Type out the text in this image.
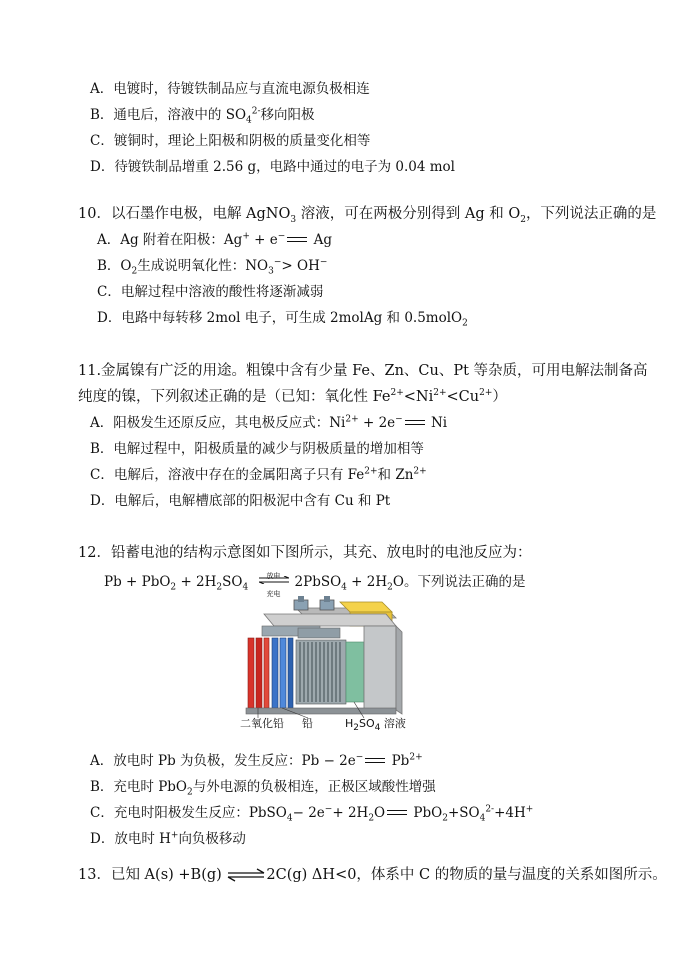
A．电镀时，待镀铁制品应与直流电源负极相连
B．通电后，溶液中的 $SO_4^{2-}$移向阳极
C．镀铜时，理论上阳极和阴极的质量变化相等
D．待镀铁制品增重 2.56 g，电路中通过的电子为 0.04 mol
10．以石墨作电极，电解 AgNO$_3$ 溶液，可在两极分别得到 Ag 和 $O_2$，下列说法正确的是
A．Ag 附着在阳极：Ag+ + e− Ag
B．$O_2$生成说明氧化性：$NO_3^-> OH^-$
C．电解过程中溶液的酸性将逐渐减弱
D．电路中每转移 2mol 电子，可生成 2molAg 和 0.5molO$_2$
11.金属镍有广泛的用途。粗镍中含有少量 Fe、Zn、Cu、Pt 等杂质，可用电解法制备高
纯度的镍，下列叙述正确的是（已知：氧化性 $Fe^{2+}<Ni^{2+}<Cu^{2+}$）
A．阳极发生还原反应，其电极反应式：$Ni^{2+} + 2e^-$ Ni
B．电解过程中，阳极质量的减少与阴极质量的增加相等
C．电解后，溶液中存在的金属阳离子只有 $Fe^{2+}$和 $Zn^{2+}$
D．电解后，电解槽底部的阳极泥中含有 Cu 和 Pt
12．铅蓄电池的结构示意图如下图所示，其充、放电时的电池反应为：
$Pb + PbO_2 + 2H_2SO_4$
放电
充电
2PbSO$_4$ + $2H_2O$。下列说法正确的是
二氧化铅 铅	$H_2SO_4$ 溶液
A．放电时 Pb 为负极，发生反应：Pb − 2e− $Pb^{2+}$
B．充电时 PbO$_2$与外电源的负极相连，正极区域酸性增强
C．充电时阳极发生反应：PbSO$_4$− $2e^-+ 2H_2O$ $PbO_2+SO_4^{2-}+4H^+$
D．放电时 H+向负极移动
13．已知 A(s) +B(g) ⇌2C(g) ΔH<0，体系中 C 的物质的量与温度的关系如图所示。
